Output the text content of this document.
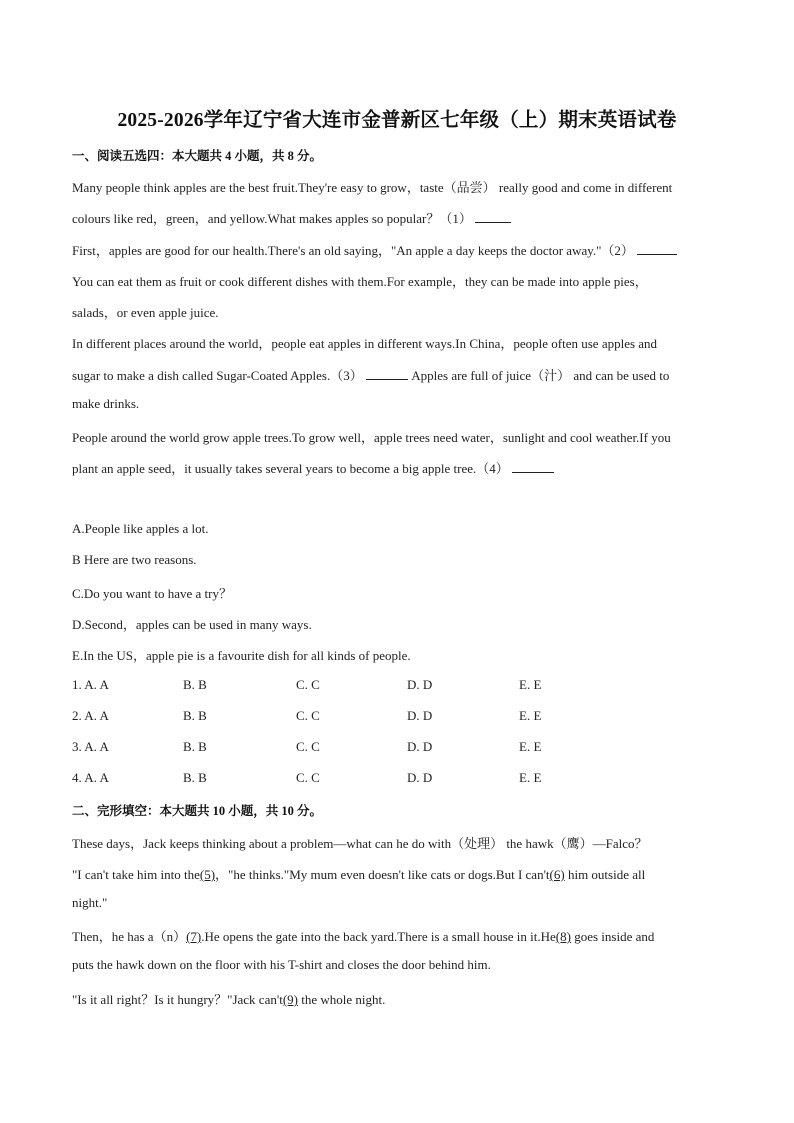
2025-2026学年辽宁省大连市金普新区七年级（上）期末英语试卷
一、阅读五选四：本大题共 4 小题，共 8 分。
Many people think apples are the best fruit.They're easy to grow，taste（品尝） really good and come in different
colours like red，green，and yellow.What makes apples so popular？（1）
First，apples are good for our health.There's an old saying，"An apple a day keeps the doctor away."（2）
You can eat them as fruit or cook different dishes with them.For example，they can be made into apple pies，
salads，or even apple juice.
In different places around the world，people eat apples in different ways.In China，people often use apples and
sugar to make a dish called Sugar-Coated Apples.（3）	Apples are full of juice（汁） and can be used to
make drinks.
People around the world grow apple trees.To grow well，apple trees need water，sunlight and cool weather.If you
plant an apple seed，it usually takes several years to become a big apple tree.（4）
A.People like apples a lot.
B Here are two reasons.
C.Do you want to have a try？
D.Second，apples can be used in many ways.
E.In the US，apple pie is a favourite dish for all kinds of people.
1. A. A	B. B	C. C	D. D	E. E
2. A. A	B. B	C. C	D. D	E. E
3. A. A	B. B	C. C	D. D	E. E
4. A. A	B. B	C. C	D. D	E. E
二、完形填空：本大题共 10 小题，共 10 分。
These days，Jack keeps thinking about a problem—what can he do with（处理） the hawk（鹰）—Falco？
"I can't take him into the(5)，"he thinks."My mum even doesn't like cats or dogs.But I can't(6) him outside all
night."
Then，he has a（n）(7).He opens the gate into the back yard.There is a small house in it.He(8) goes inside and
puts the hawk down on the floor with his T-shirt and closes the door behind him.
"Is it all right？Is it hungry？"Jack can't(9) the whole night.
